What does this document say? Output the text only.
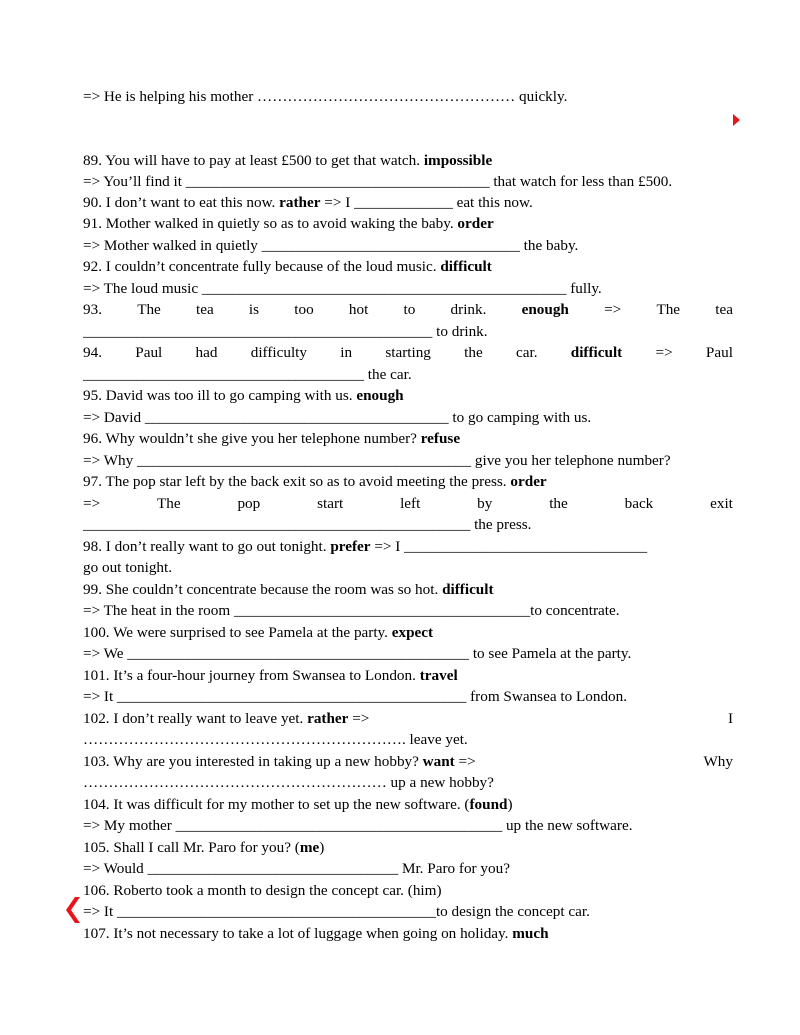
=> He is helping his mother …………………………………………… quickly.
89. You will have to pay at least £500 to get that watch. impossible
=> You’ll find it ________________________________________ that watch for less than £500.
90. I don’t want to eat this now. rather => I _____________ eat this now.
91. Mother walked in quietly so as to avoid waking the baby. order
=> Mother walked in quietly __________________________________ the baby.
92. I couldn’t concentrate fully because of the loud music. difficult
=> The loud music ________________________________________________ fully.
93. The tea is too hot to drink. enough => The tea
______________________________________________ to drink.
94. Paul had difficulty in starting the car. difficult => Paul
_____________________________________ the car.
95. David was too ill to go camping with us. enough
=> David ________________________________________ to go camping with us.
96. Why wouldn’t she give you her telephone number? refuse
=> Why ____________________________________________ give you her telephone number?
97. The pop star left by the back exit so as to avoid meeting the press. order
=>	The	pop	start	left	by	the	back	exit
___________________________________________________ the press.
98. I don’t really want to go out tonight. prefer => I ________________________________
go out tonight.
99. She couldn’t concentrate because the room was so hot. difficult
=> The heat in the room _______________________________________to concentrate.
100. We were surprised to see Pamela at the party. expect
=> We _____________________________________________ to see Pamela at the party.
101. It’s a four-hour journey from Swansea to London. travel
=> It ______________________________________________ from Swansea to London.
102. I don’t really want to leave yet. rather =>	I
………………………………………………………. leave yet.
103. Why are you interested in taking up a new hobby? want =>	Why
…………………………………………………… up a new hobby?
104. It was difficult for my mother to set up the new software. (found)
=> My mother ___________________________________________ up the new software.
105. Shall I call Mr. Paro for you? (me)
=> Would _________________________________ Mr. Paro for you?
106. Roberto took a month to design the concept car. (him)
=> It __________________________________________to design the concept car.
107. It’s not necessary to take a lot of luggage when going on holiday. much
